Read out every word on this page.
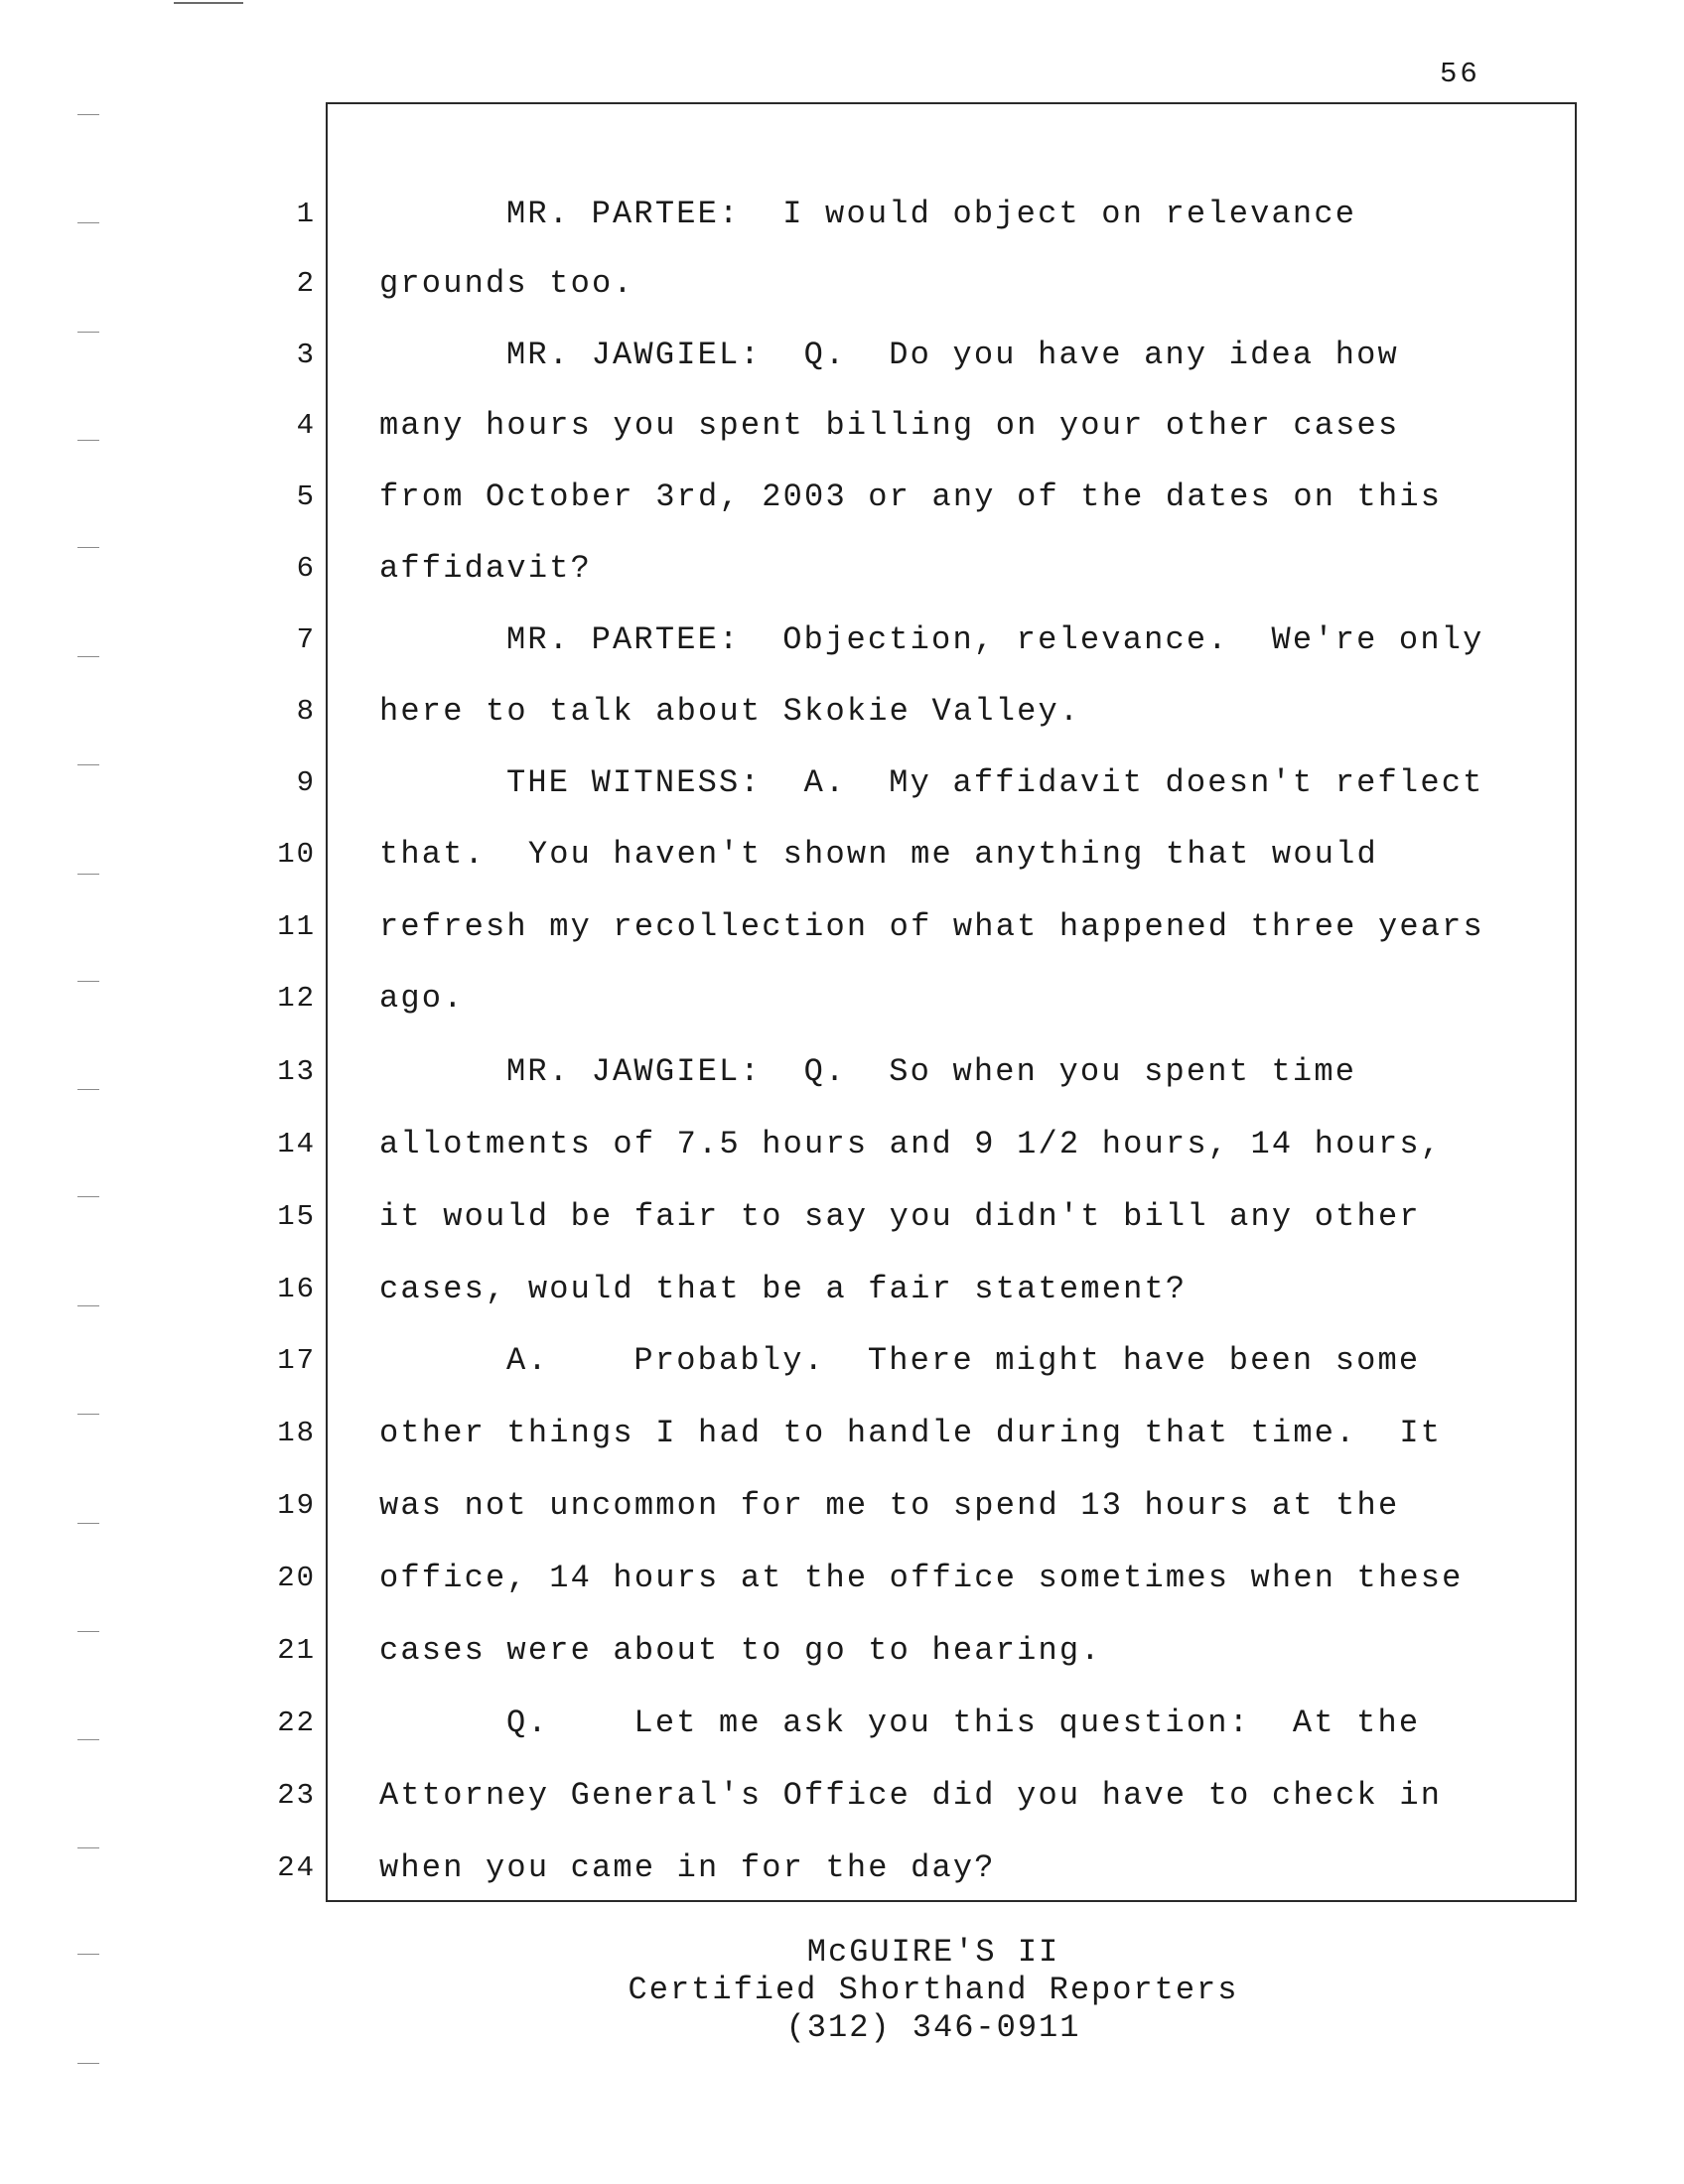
56
1
2
3
4
5
6
7
8
9
10
11
12
13
14
15
16
17
18
19
20
21
22
23
24
MR. PARTEE:  I would object on relevance
grounds too.
MR. JAWGIEL:  Q.  Do you have any idea how
many hours you spent billing on your other cases
from October 3rd, 2003 or any of the dates on this
affidavit?
MR. PARTEE:  Objection, relevance.  We're only
here to talk about Skokie Valley.
THE WITNESS:  A.  My affidavit doesn't reflect
that.  You haven't shown me anything that would
refresh my recollection of what happened three years
ago.
MR. JAWGIEL:  Q.  So when you spent time
allotments of 7.5 hours and 9 1/2 hours, 14 hours,
it would be fair to say you didn't bill any other
cases, would that be a fair statement?
A.    Probably.  There might have been some
other things I had to handle during that time.  It
was not uncommon for me to spend 13 hours at the
office, 14 hours at the office sometimes when these
cases were about to go to hearing.
Q.    Let me ask you this question:  At the
Attorney General's Office did you have to check in
when you came in for the day?
McGUIRE'S II
Certified Shorthand Reporters
(312) 346-0911
